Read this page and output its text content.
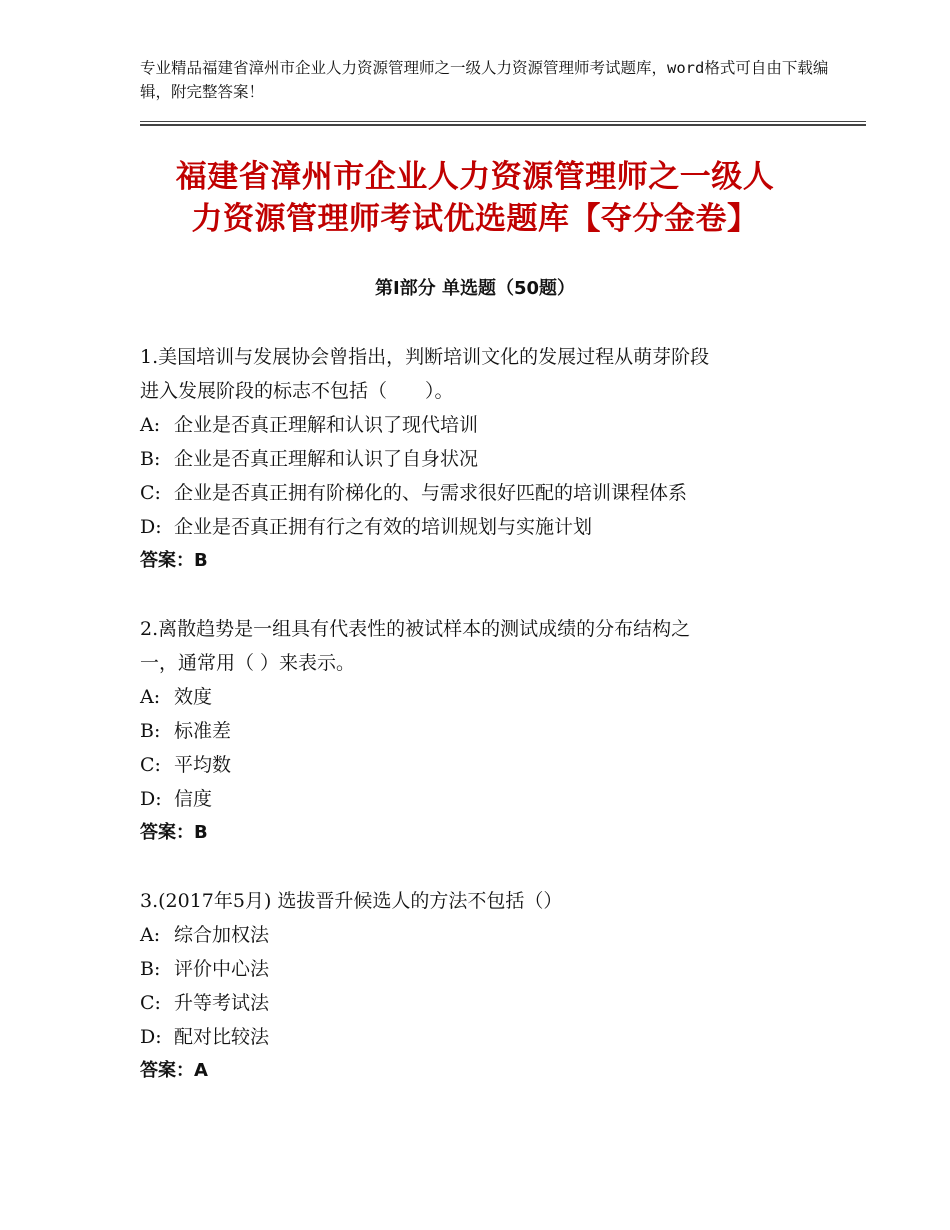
专业精品福建省漳州市企业人力资源管理师之一级人力资源管理师考试题库，word格式可自由下载编辑，附完整答案！
福建省漳州市企业人力资源管理师之一级人
力资源管理师考试优选题库【夺分金卷】
第Ⅰ部分 单选题（50题）
1.美国培训与发展协会曾指出，判断培训文化的发展过程从萌芽阶段
进入发展阶段的标志不包括（　　）。
A: 企业是否真正理解和认识了现代培训
B: 企业是否真正理解和认识了自身状况
C: 企业是否真正拥有阶梯化的、与需求很好匹配的培训课程体系
D: 企业是否真正拥有行之有效的培训规划与实施计划
答案：B
2.离散趋势是一组具有代表性的被试样本的测试成绩的分布结构之
一，通常用（ ）来表示。
A: 效度
B: 标准差
C: 平均数
D: 信度
答案：B
3.(2017年5月) 选拔晋升候选人的方法不包括（）
A: 综合加权法
B: 评价中心法
C: 升等考试法
D: 配对比较法
答案：A
